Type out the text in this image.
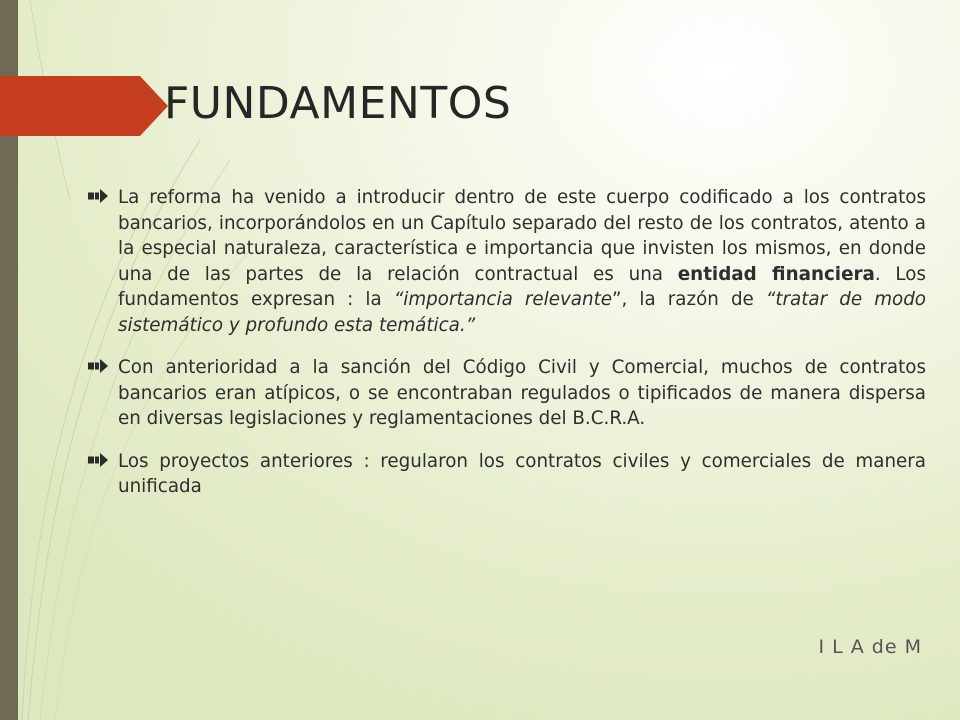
FUNDAMENTOS

La reforma ha venido a introducir dentro de este cuerpo codificado a los contratos bancarios, incorporándolos en un Capítulo separado del resto de los contratos, atento a la especial naturaleza, característica e importancia que invisten los mismos, en donde una de las partes de la relación contractual es una entidad financiera. Los fundamentos expresan : la “importancia relevante”, la razón de “tratar de modo sistemático y profundo esta temática.”

Con anterioridad a la sanción del Código Civil y Comercial, muchos de contratos bancarios eran atípicos, o se encontraban regulados o tipificados de manera dispersa en diversas legislaciones y reglamentaciones del B.C.R.A.

Los proyectos anteriores : regularon los contratos civiles y comerciales de manera unificada

I L A de M
